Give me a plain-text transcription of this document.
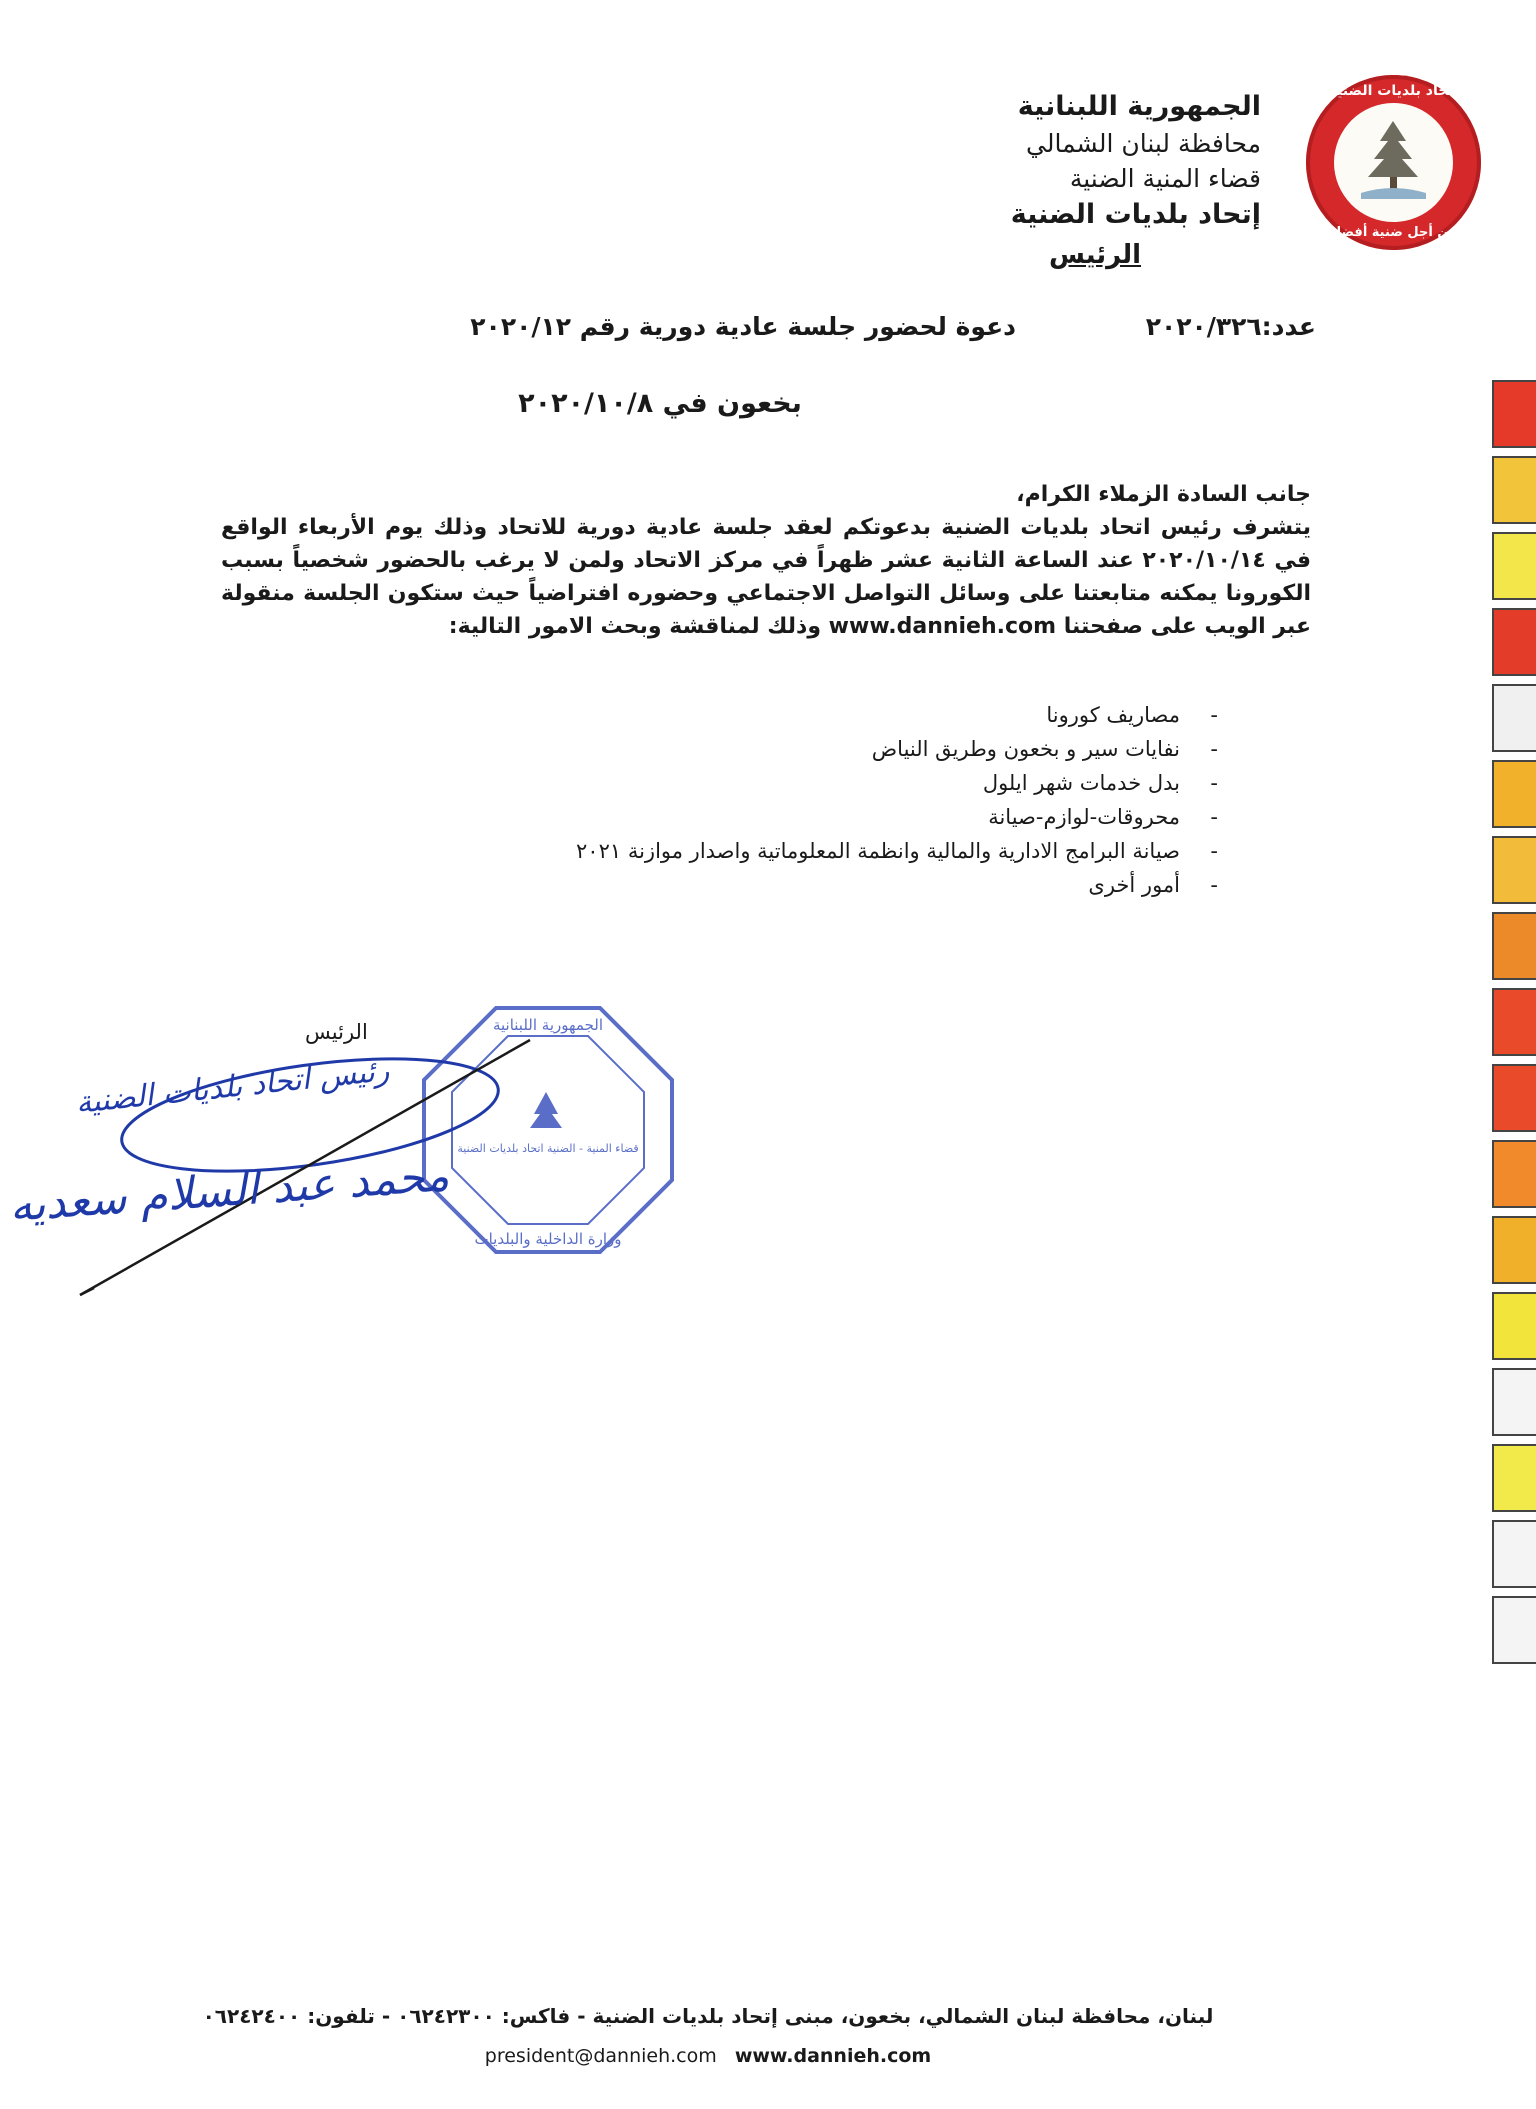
إتحاد بلديات الضنية
من أجل ضنية أفضل
الجمهورية اللبنانية
محافظة لبنان الشمالي
قضاء المنية الضنية
إتحاد بلديات الضنية
الرئيس
عدد:٢٠٢٠/٣٢٦
دعوة لحضور جلسة عادية دورية رقم ٢٠٢٠/١٢
بخعون في ٢٠٢٠/١٠/٨
جانب السادة الزملاء الكرام،
يتشرف رئيس اتحاد بلديات الضنية بدعوتكم لعقد جلسة عادية دورية للاتحاد وذلك يوم الأربعاء الواقع في ٢٠٢٠/١٠/١٤ عند الساعة الثانية عشر ظهراً في مركز الاتحاد ولمن لا يرغب بالحضور شخصياً بسبب الكورونا يمكنه متابعتنا على وسائل التواصل الاجتماعي وحضوره افتراضياً حيث ستكون الجلسة منقولة عبر الويب على صفحتنا www.dannieh.com وذلك لمناقشة وبحث الامور التالية:
- مصاريف كورونا
- نفايات سير و بخعون وطريق النياض
- بدل خدمات شهر ايلول
- محروقات-لوازم-صيانة
- صيانة البرامج الادارية والمالية وانظمة المعلوماتية واصدار موازنة ٢٠٢١
- أمور أخرى
الجمهورية اللبنانية
قضاء المنية - الضنية اتحاد بلديات الضنية
وزارة الداخلية والبلديات
الرئيس
رئيس اتحاد بلديات الضنية
محمد عبد السلام سعديه
لبنان، محافظة لبنان الشمالي، بخعون، مبنى إتحاد بلديات الضنية - فاكس: ٠٦٢٤٢٣٠٠ - تلفون: ٠٦٢٤٢٤٠٠
president@dannieh.com www.dannieh.com
